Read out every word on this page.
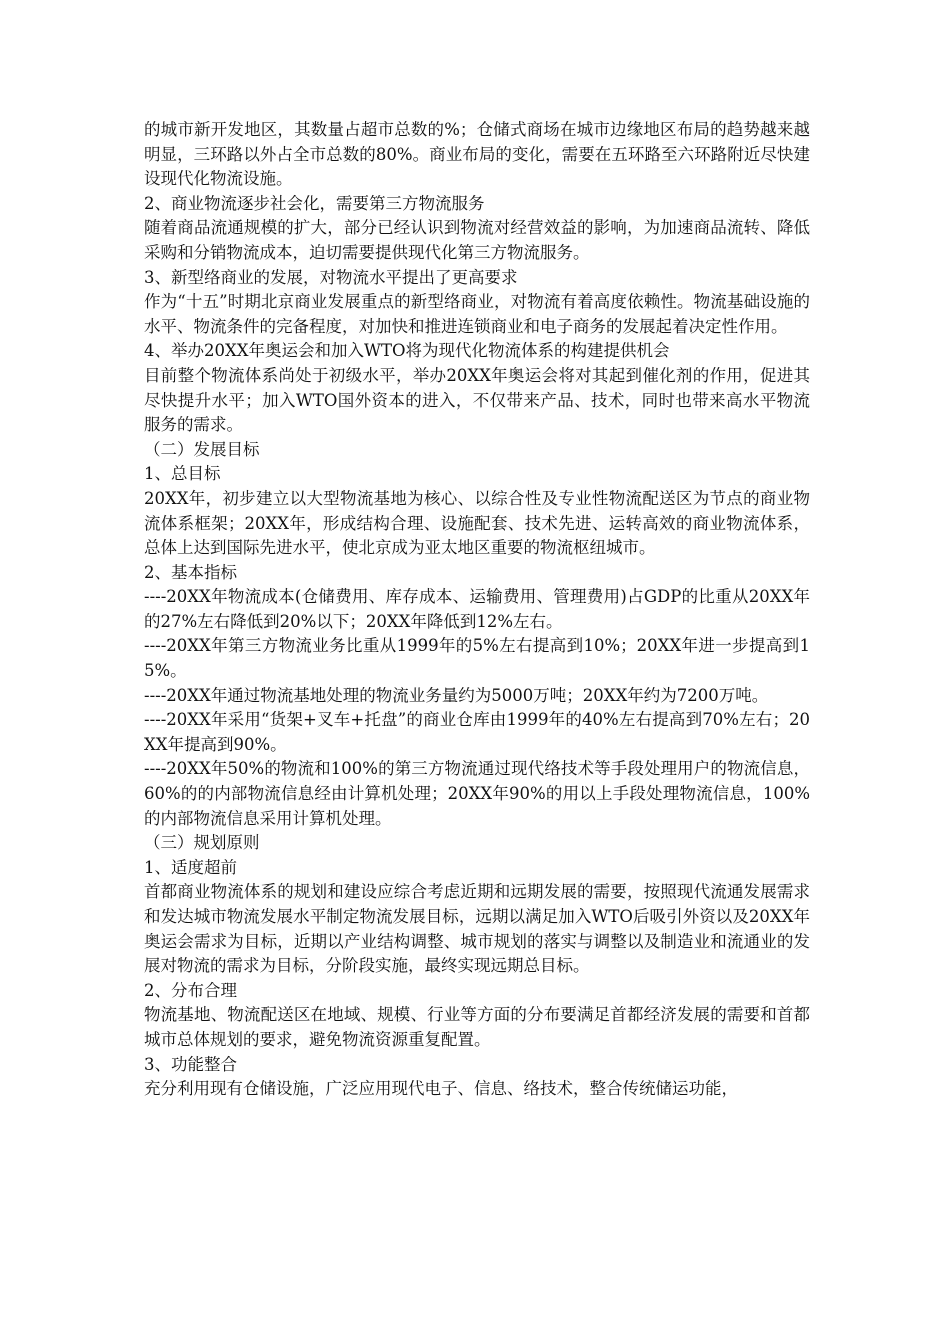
的城市新开发地区，其数量占超市总数的%；仓储式商场在城市边缘地区布局的趋势越来越明显，三环路以外占全市总数的80%。商业布局的变化，需要在五环路至六环路附近尽快建设现代化物流设施。

2、商业物流逐步社会化，需要第三方物流服务

随着商品流通规模的扩大，部分已经认识到物流对经营效益的影响，为加速商品流转、降低采购和分销物流成本，迫切需要提供现代化第三方物流服务。

3、新型络商业的发展，对物流水平提出了更高要求

作为“十五”时期北京商业发展重点的新型络商业，对物流有着高度依赖性。物流基础设施的水平、物流条件的完备程度，对加快和推进连锁商业和电子商务的发展起着决定性作用。

4、举办20XX年奥运会和加入WTO将为现代化物流体系的构建提供机会

目前整个物流体系尚处于初级水平，举办20XX年奥运会将对其起到催化剂的作用，促进其尽快提升水平；加入WTO国外资本的进入，不仅带来产品、技术，同时也带来高水平物流服务的需求。

（二）发展目标

1、总目标

20XX年，初步建立以大型物流基地为核心、以综合性及专业性物流配送区为节点的商业物流体系框架；20XX年，形成结构合理、设施配套、技术先进、运转高效的商业物流体系，总体上达到国际先进水平，使北京成为亚太地区重要的物流枢纽城市。

2、基本指标

----20XX年物流成本(仓储费用、库存成本、运输费用、管理费用)占GDP的比重从20XX年的27%左右降低到20%以下；20XX年降低到12%左右。

----20XX年第三方物流业务比重从1999年的5%左右提高到10%；20XX年进一步提高到15%。

----20XX年通过物流基地处理的物流业务量约为5000万吨；20XX年约为7200万吨。

----20XX年采用“货架+叉车+托盘”的商业仓库由1999年的40%左右提高到70%左右；20XX年提高到90%。

----20XX年50%的物流和100%的第三方物流通过现代络技术等手段处理用户的物流信息，60%的的内部物流信息经由计算机处理；20XX年90%的用以上手段处理物流信息，100%的内部物流信息采用计算机处理。

（三）规划原则

1、适度超前

首都商业物流体系的规划和建设应综合考虑近期和远期发展的需要，按照现代流通发展需求和发达城市物流发展水平制定物流发展目标，远期以满足加入WTO后吸引外资以及20XX年奥运会需求为目标，近期以产业结构调整、城市规划的落实与调整以及制造业和流通业的发展对物流的需求为目标，分阶段实施，最终实现远期总目标。

2、分布合理

物流基地、物流配送区在地域、规模、行业等方面的分布要满足首都经济发展的需要和首都城市总体规划的要求，避免物流资源重复配置。

3、功能整合

充分利用现有仓储设施，广泛应用现代电子、信息、络技术，整合传统储运功能，
